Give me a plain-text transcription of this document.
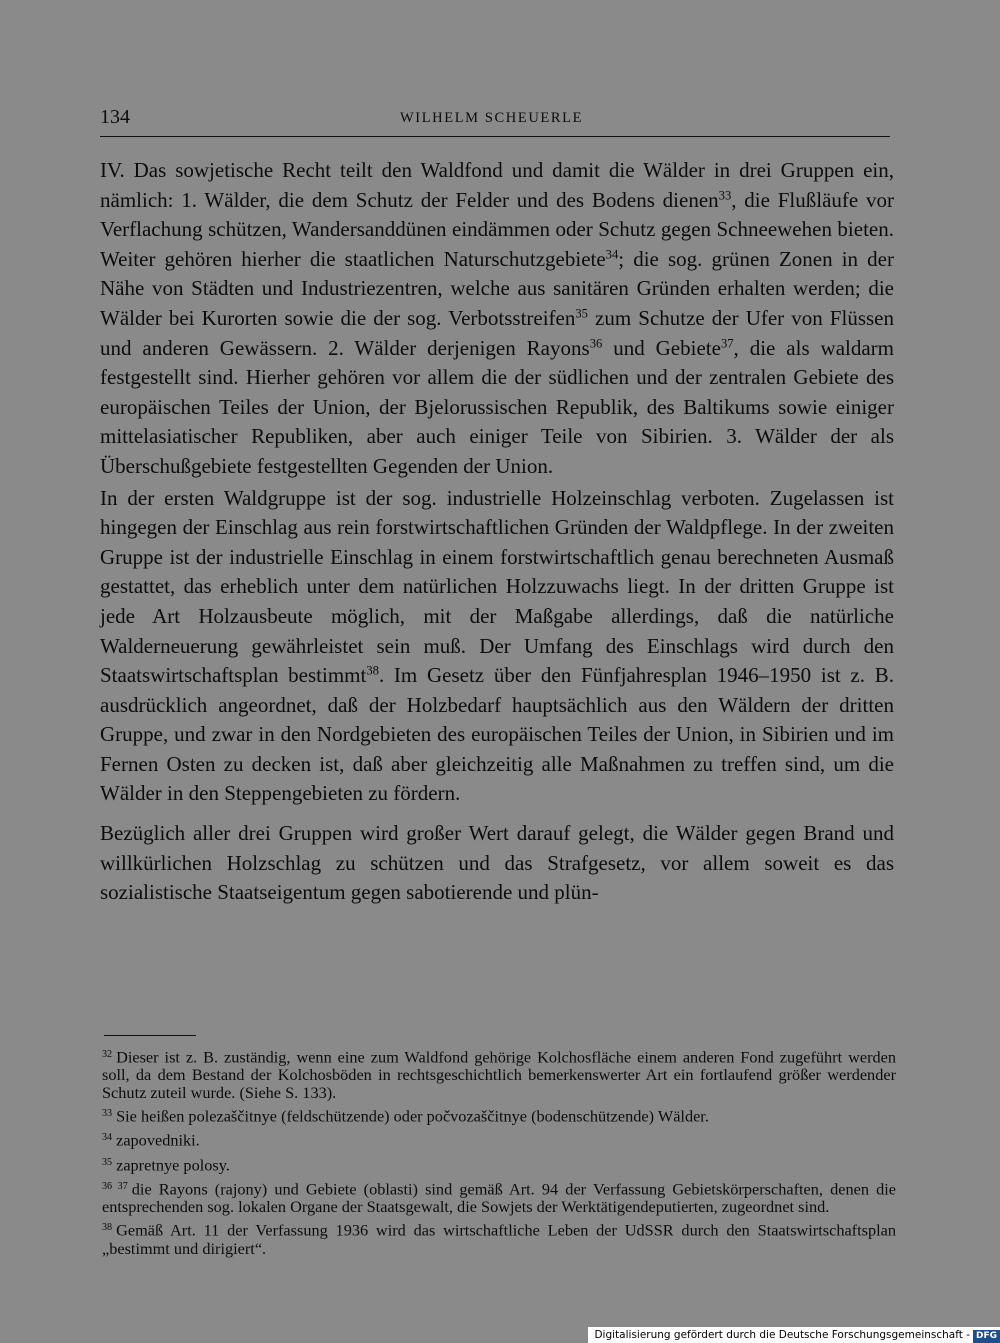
134	WILHELM SCHEUERLE

IV. Das sowjetische Recht teilt den Waldfond und damit die Wälder in drei Gruppen ein, nämlich: 1. Wälder, die dem Schutz der Felder und des Bodens dienen$^{33}$, die Flußläufe vor Verflachung schützen, Wandersanddünen eindämmen oder Schutz gegen Schneewehen bieten. Weiter gehören hierher die staatlichen Naturschutzgebiete$^{34}$; die sog. grünen Zonen in der Nähe von Städten und Industriezentren, welche aus sanitären Gründen erhalten werden; die Wälder bei Kurorten sowie die der sog. Verbotsstreifen$^{35}$ zum Schutze der Ufer von Flüssen und anderen Gewässern. 2. Wälder derjenigen Rayons$^{36}$ und Gebiete$^{37}$, die als waldarm festgestellt sind. Hierher gehören vor allem die der südlichen und der zentralen Gebiete des europäischen Teiles der Union, der Bjelorussischen Republik, des Baltikums sowie einiger mittelasiatischer Republiken, aber auch einiger Teile von Sibirien. 3. Wälder der als Überschußgebiete festgestellten Gegenden der Union.

In der ersten Waldgruppe ist der sog. industrielle Holzeinschlag verboten. Zugelassen ist hingegen der Einschlag aus rein forstwirtschaftlichen Gründen der Waldpflege. In der zweiten Gruppe ist der industrielle Einschlag in einem forstwirtschaftlich genau berechneten Ausmaß gestattet, das erheblich unter dem natürlichen Holzzuwachs liegt. In der dritten Gruppe ist jede Art Holzausbeute möglich, mit der Maßgabe allerdings, daß die natürliche Walderneuerung gewährleistet sein muß. Der Umfang des Einschlags wird durch den Staatswirtschaftsplan bestimmt$^{38}$. Im Gesetz über den Fünfjahresplan 1946–1950 ist z. B. ausdrücklich angeordnet, daß der Holzbedarf hauptsächlich aus den Wäldern der dritten Gruppe, und zwar in den Nordgebieten des europäischen Teiles der Union, in Sibirien und im Fernen Osten zu decken ist, daß aber gleichzeitig alle Maßnahmen zu treffen sind, um die Wälder in den Steppengebieten zu fördern.

Bezüglich aller drei Gruppen wird großer Wert darauf gelegt, die Wälder gegen Brand und willkürlichen Holzschlag zu schützen und das Strafgesetz, vor allem soweit es das sozialistische Staatseigentum gegen sabotierende und plün-

$^{32}$ Dieser ist z. B. zuständig, wenn eine zum Waldfond gehörige Kolchosfläche einem anderen Fond zugeführt werden soll, da dem Bestand der Kolchosböden in rechtsgeschichtlich bemerkenswerter Art ein fortlaufend größer werdender Schutz zuteil wurde. (Siehe S. 133).

$^{33}$ Sie heißen polezaščitnye (feldschützende) oder počvozaščitnye (bodenschützende) Wälder.

$^{34}$ zapovedniki.

$^{35}$ zapretnye polosy.

$^{36 37}$ die Rayons (rajony) und Gebiete (oblasti) sind gemäß Art. 94 der Verfassung Gebietskörperschaften, denen die entsprechenden sog. lokalen Organe der Staatsgewalt, die Sowjets der Werktätigendeputierten, zugeordnet sind.

$^{38}$ Gemäß Art. 11 der Verfassung 1936 wird das wirtschaftliche Leben der UdSSR durch den Staatswirtschaftsplan „bestimmt und dirigiert“.

Digitalisierung gefördert durch die Deutsche Forschungsgemeinschaft - DFG
